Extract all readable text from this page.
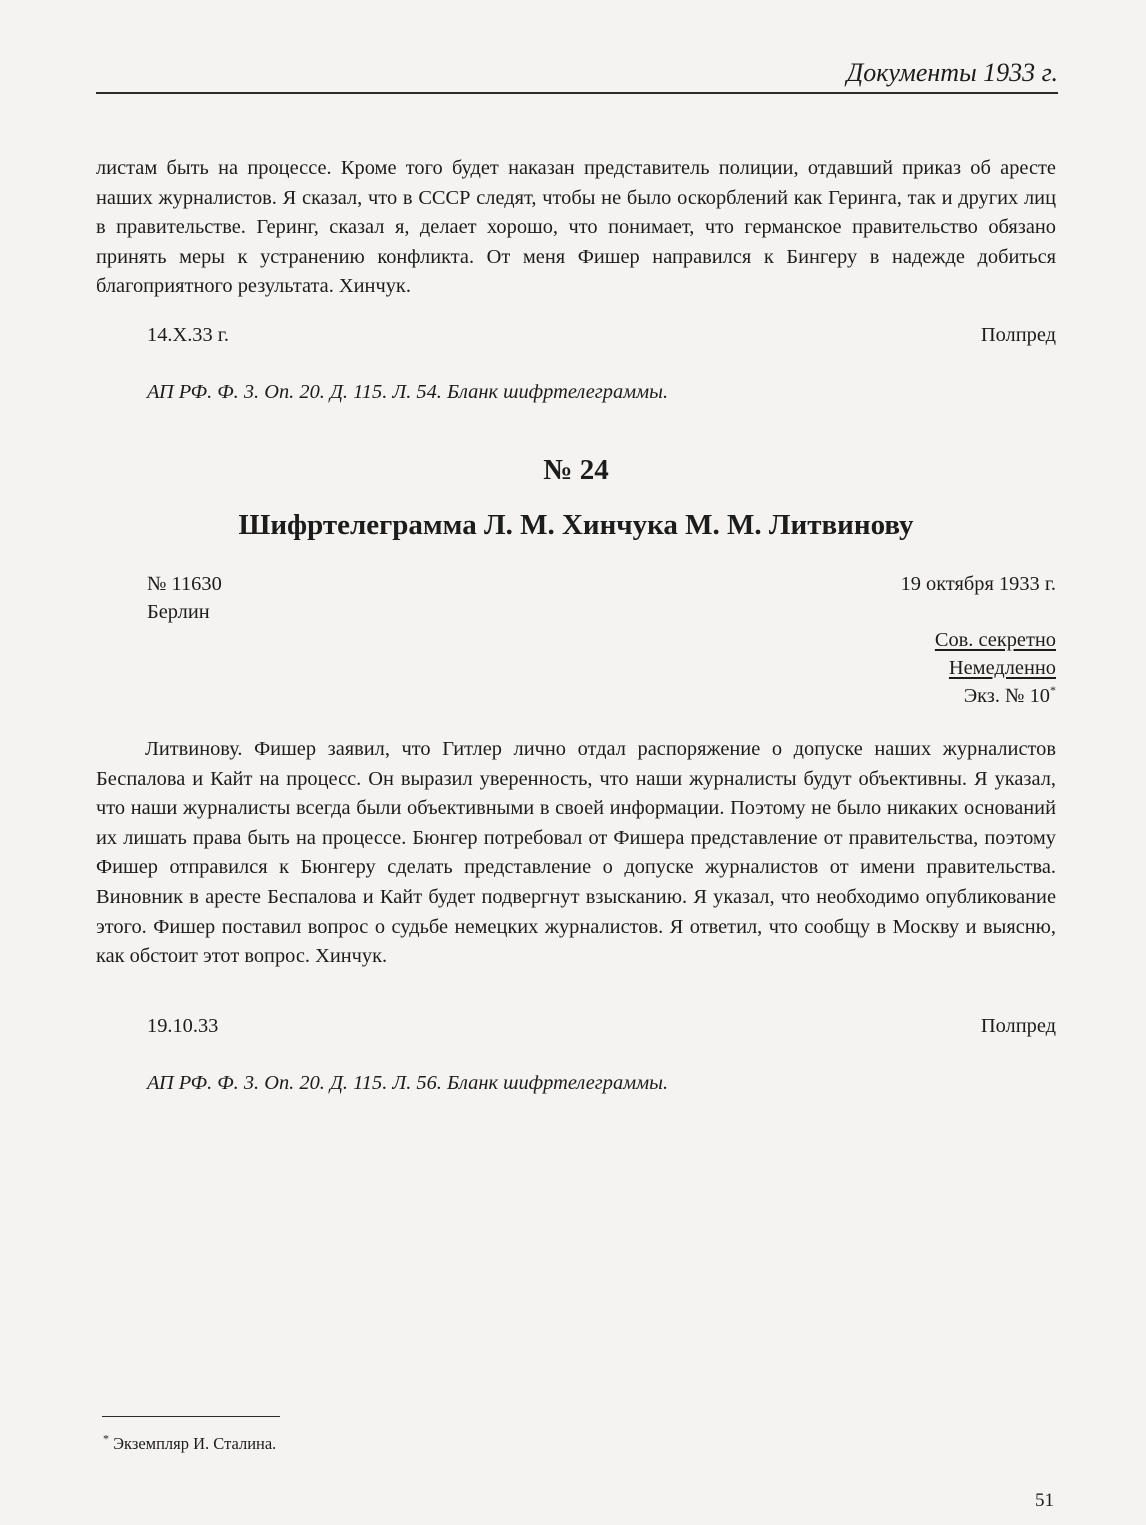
Документы 1933 г.

листам быть на процессе. Кроме того будет наказан представитель полиции, отдавший приказ об аресте наших журналистов. Я сказал, что в СССР следят, чтобы не было оскорблений как Геринга, так и других лиц в правительстве. Геринг, сказал я, делает хорошо, что понимает, что германское правительство обязано принять меры к устранению конфликта. От меня Фишер направился к Бингеру в надежде добиться благоприятного результата. Хинчук.

14.X.33 г.	Полпред
АП РФ. Ф. 3. Оп. 20. Д. 115. Л. 54. Бланк шифртелеграммы.
№ 24
Шифртелеграмма Л. М. Хинчука М. М. Литвинову
№ 11630	19 октября 1933 г.
Берлин
Сов. секретно
Немедленно
Экз. № 10*

Литвинову. Фишер заявил, что Гитлер лично отдал распоряжение о допуске наших журналистов Беспалова и Кайт на процесс. Он выразил уверенность, что наши журналисты будут объективны. Я указал, что наши журналисты всегда были объективными в своей информации. Поэтому не было никаких оснований их лишать права быть на процессе. Бюнгер потребовал от Фишера представление от правительства, поэтому Фишер отправился к Бюнгеру сделать представление о допуске журналистов от имени правительства. Виновник в аресте Беспалова и Кайт будет подвергнут взысканию. Я указал, что необходимо опубликование этого. Фишер поставил вопрос о судьбе немецких журналистов. Я ответил, что сообщу в Москву и выясню, как обстоит этот вопрос. Хинчук.

19.10.33	Полпред
АП РФ. Ф. 3. Оп. 20. Д. 115. Л. 56. Бланк шифртелеграммы.
* Экземпляр И. Сталина.
51
